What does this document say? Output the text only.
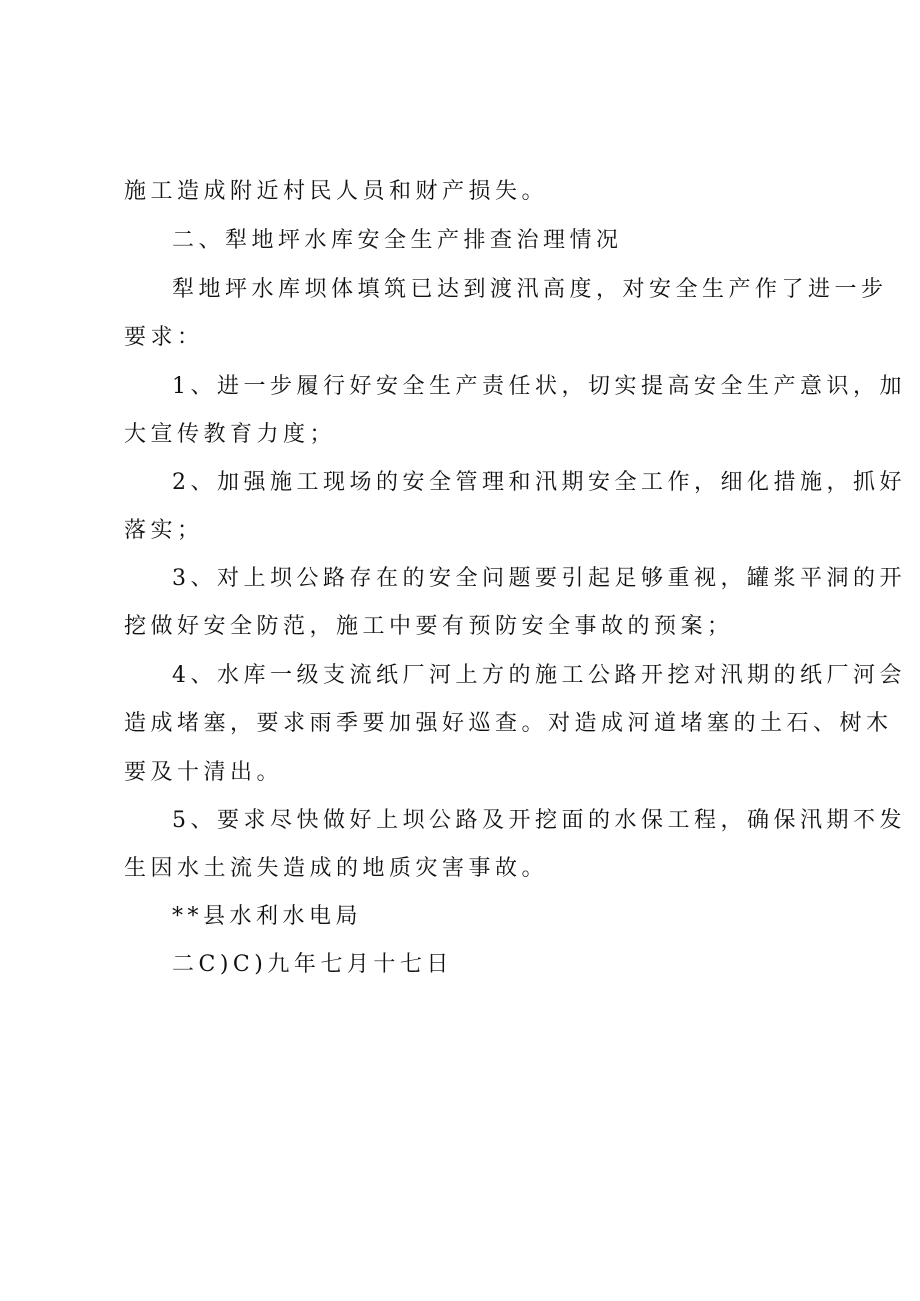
施工造成附近村民人员和财产损失。
二、犁地坪水库安全生产排查治理情况
犁地坪水库坝体填筑已达到渡汛高度，对安全生产作了进一步
要求：
1、进一步履行好安全生产责任状，切实提高安全生产意识，加
大宣传教育力度；
2、加强施工现场的安全管理和汛期安全工作，细化措施，抓好
落实；
3、对上坝公路存在的安全问题要引起足够重视，罐浆平洞的开
挖做好安全防范，施工中要有预防安全事故的预案；
4、水库一级支流纸厂河上方的施工公路开挖对汛期的纸厂河会
造成堵塞，要求雨季要加强好巡查。对造成河道堵塞的土石、树木
要及十清出。
5、要求尽快做好上坝公路及开挖面的水保工程，确保汛期不发
生因水土流失造成的地质灾害事故。
**县水利水电局
二C)C)九年七月十七日
